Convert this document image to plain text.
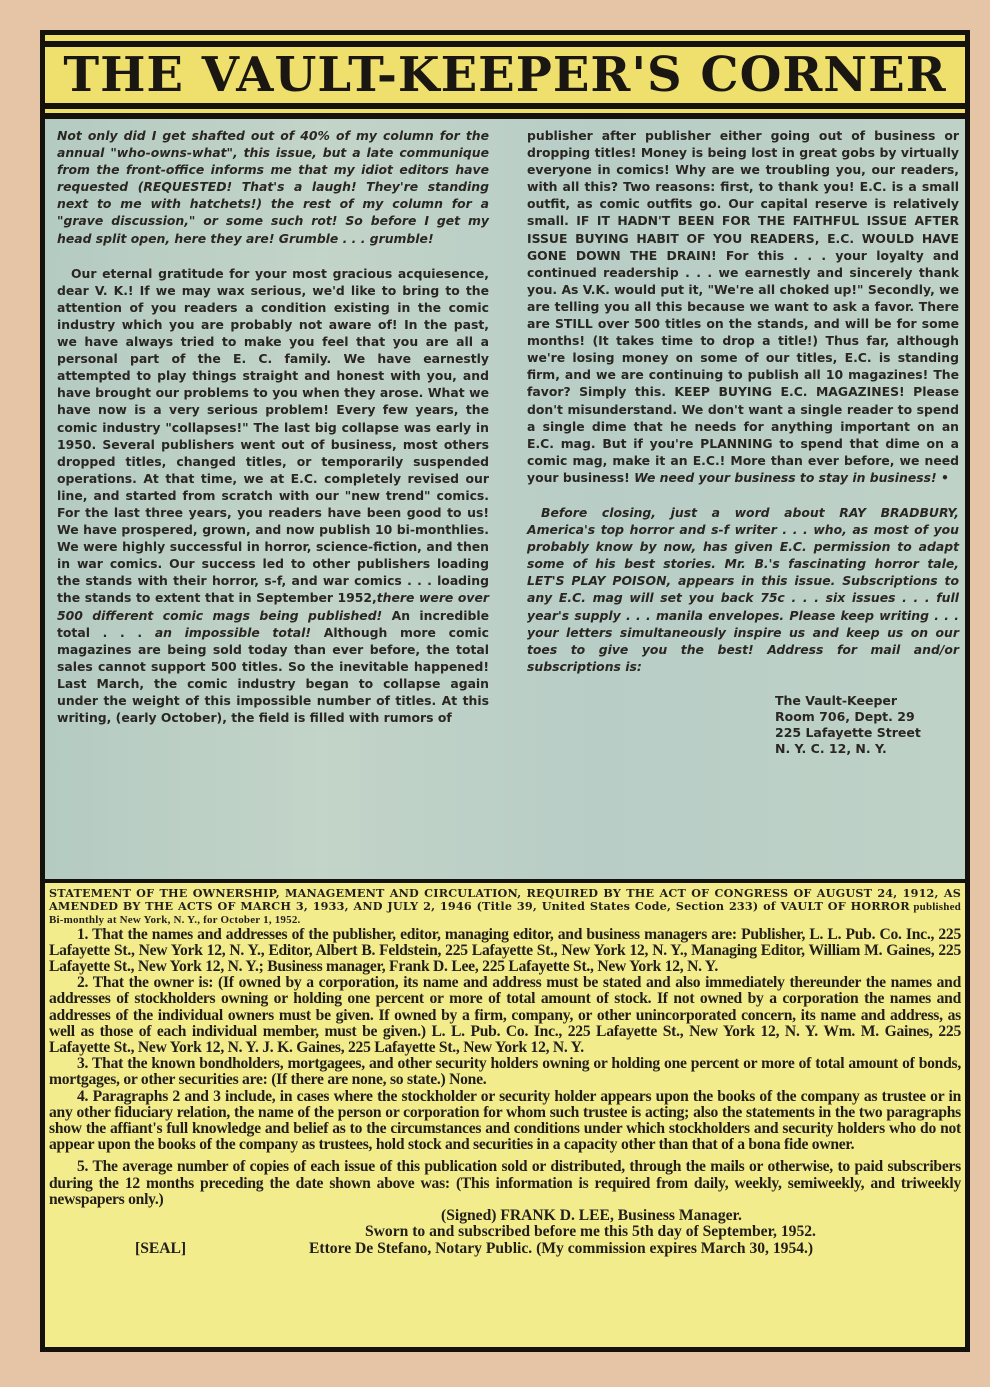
THE VAULT-KEEPER'S CORNER

Not only did I get shafted out of 40% of my column for the annual "who-owns-what", this issue, but a late communique from the front-office informs me that my idiot editors have requested (REQUESTED! That's a laugh! They're standing next to me with hatchets!) the rest of my column for a "grave discussion," or some such rot! So before I get my head split open, here they are! Grumble . . . grumble!

Our eternal gratitude for your most gracious acquiesence, dear V. K.! If we may wax serious, we'd like to bring to the attention of you readers a condition existing in the comic industry which you are probably not aware of! In the past, we have always tried to make you feel that you are all a personal part of the E. C. family. We have earnestly attempted to play things straight and honest with you, and have brought our problems to you when they arose. What we have now is a very serious problem! Every few years, the comic industry "collapses!" The last big collapse was early in 1950. Several publishers went out of business, most others dropped titles, changed titles, or temporarily suspended operations. At that time, we at E.C. completely revised our line, and started from scratch with our "new trend" comics. For the last three years, you readers have been good to us! We have prospered, grown, and now publish 10 bi-monthlies. We were highly successful in horror, science-fiction, and then in war comics. Our success led to other publishers loading the stands with their horror, s-f, and war comics . . . loading the stands to extent that in September 1952,there were over 500 different comic mags being published! An incredible total . . . an impossible total! Although more comic magazines are being sold today than ever before, the total sales cannot support 500 titles. So the inevitable happened! Last March, the comic industry began to collapse again under the weight of this impossible number of titles. At this writing, (early October), the field is filled with rumors of

publisher after publisher either going out of business or dropping titles! Money is being lost in great gobs by virtually everyone in comics! Why are we troubling you, our readers, with all this? Two reasons: first, to thank you! E.C. is a small outfit, as comic outfits go. Our capital reserve is relatively small. IF IT HADN'T BEEN FOR THE FAITHFUL ISSUE AFTER ISSUE BUYING HABIT OF YOU READERS, E.C. WOULD HAVE GONE DOWN THE DRAIN! For this . . . your loyalty and continued readership . . . we earnestly and sincerely thank you. As V.K. would put it, "We're all choked up!" Secondly, we are telling you all this because we want to ask a favor. There are STILL over 500 titles on the stands, and will be for some months! (It takes time to drop a title!) Thus far, although we're losing money on some of our titles, E.C. is standing firm, and we are continuing to publish all 10 magazines! The favor? Simply this. KEEP BUYING E.C. MAGAZINES! Please don't misunderstand. We don't want a single reader to spend a single dime that he needs for anything important on an E.C. mag. But if you're PLANNING to spend that dime on a comic mag, make it an E.C.! More than ever before, we need your business! We need your business to stay in business! •

Before closing, just a word about RAY BRADBURY, America's top horror and s-f writer . . . who, as most of you probably know by now, has given E.C. permission to adapt some of his best stories. Mr. B.'s fascinating horror tale, LET'S PLAY POISON, appears in this issue. Subscriptions to any E.C. mag will set you back 75c . . . six issues . . . full year's supply . . . manila envelopes. Please keep writing . . . your letters simultaneously inspire us and keep us on our toes to give you the best! Address for mail and/or subscriptions is:

The Vault-Keeper
Room 706, Dept. 29
225 Lafayette Street
N. Y. C. 12, N. Y.
STATEMENT OF THE OWNERSHIP, MANAGEMENT AND CIRCULATION, REQUIRED BY THE ACT OF CONGRESS OF AUGUST 24, 1912, AS AMENDED BY THE ACTS OF MARCH 3, 1933, AND JULY 2, 1946 (Title 39, United States Code, Section 233) of VAULT OF HORROR published Bi-monthly at New York, N. Y., for October 1, 1952.
1. That the names and addresses of the publisher, editor, managing editor, and business managers are: Publisher, L. L. Pub. Co. Inc., 225 Lafayette St., New York 12, N. Y., Editor, Albert B. Feldstein, 225 Lafayette St., New York 12, N. Y., Managing Editor, William M. Gaines, 225 Lafayette St., New York 12, N. Y.; Business manager, Frank D. Lee, 225 Lafayette St., New York 12, N. Y.
2. That the owner is: (If owned by a corporation, its name and address must be stated and also immediately thereunder the names and addresses of stockholders owning or holding one percent or more of total amount of stock. If not owned by a corporation the names and addresses of the individual owners must be given. If owned by a firm, company, or other unincorporated concern, its name and address, as well as those of each individual member, must be given.) L. L. Pub. Co. Inc., 225 Lafayette St., New York 12, N. Y. Wm. M. Gaines, 225 Lafayette St., New York 12, N. Y. J. K. Gaines, 225 Lafayette St., New York 12, N. Y.
3. That the known bondholders, mortgagees, and other security holders owning or holding one percent or more of total amount of bonds, mortgages, or other securities are: (If there are none, so state.) None.
4. Paragraphs 2 and 3 include, in cases where the stockholder or security holder appears upon the books of the company as trustee or in any other fiduciary relation, the name of the person or corporation for whom such trustee is acting; also the statements in the two paragraphs show the affiant's full knowledge and belief as to the circumstances and conditions under which stockholders and security holders who do not appear upon the books of the company as trustees, hold stock and securities in a capacity other than that of a bona fide owner.
5. The average number of copies of each issue of this publication sold or distributed, through the mails or otherwise, to paid subscribers during the 12 months preceding the date shown above was: (This information is required from daily, weekly, semiweekly, and triweekly newspapers only.)
(Signed) FRANK D. LEE, Business Manager.
Sworn to and subscribed before me this 5th day of September, 1952.
[SEAL]	Ettore De Stefano, Notary Public. (My commission expires March 30, 1954.)
